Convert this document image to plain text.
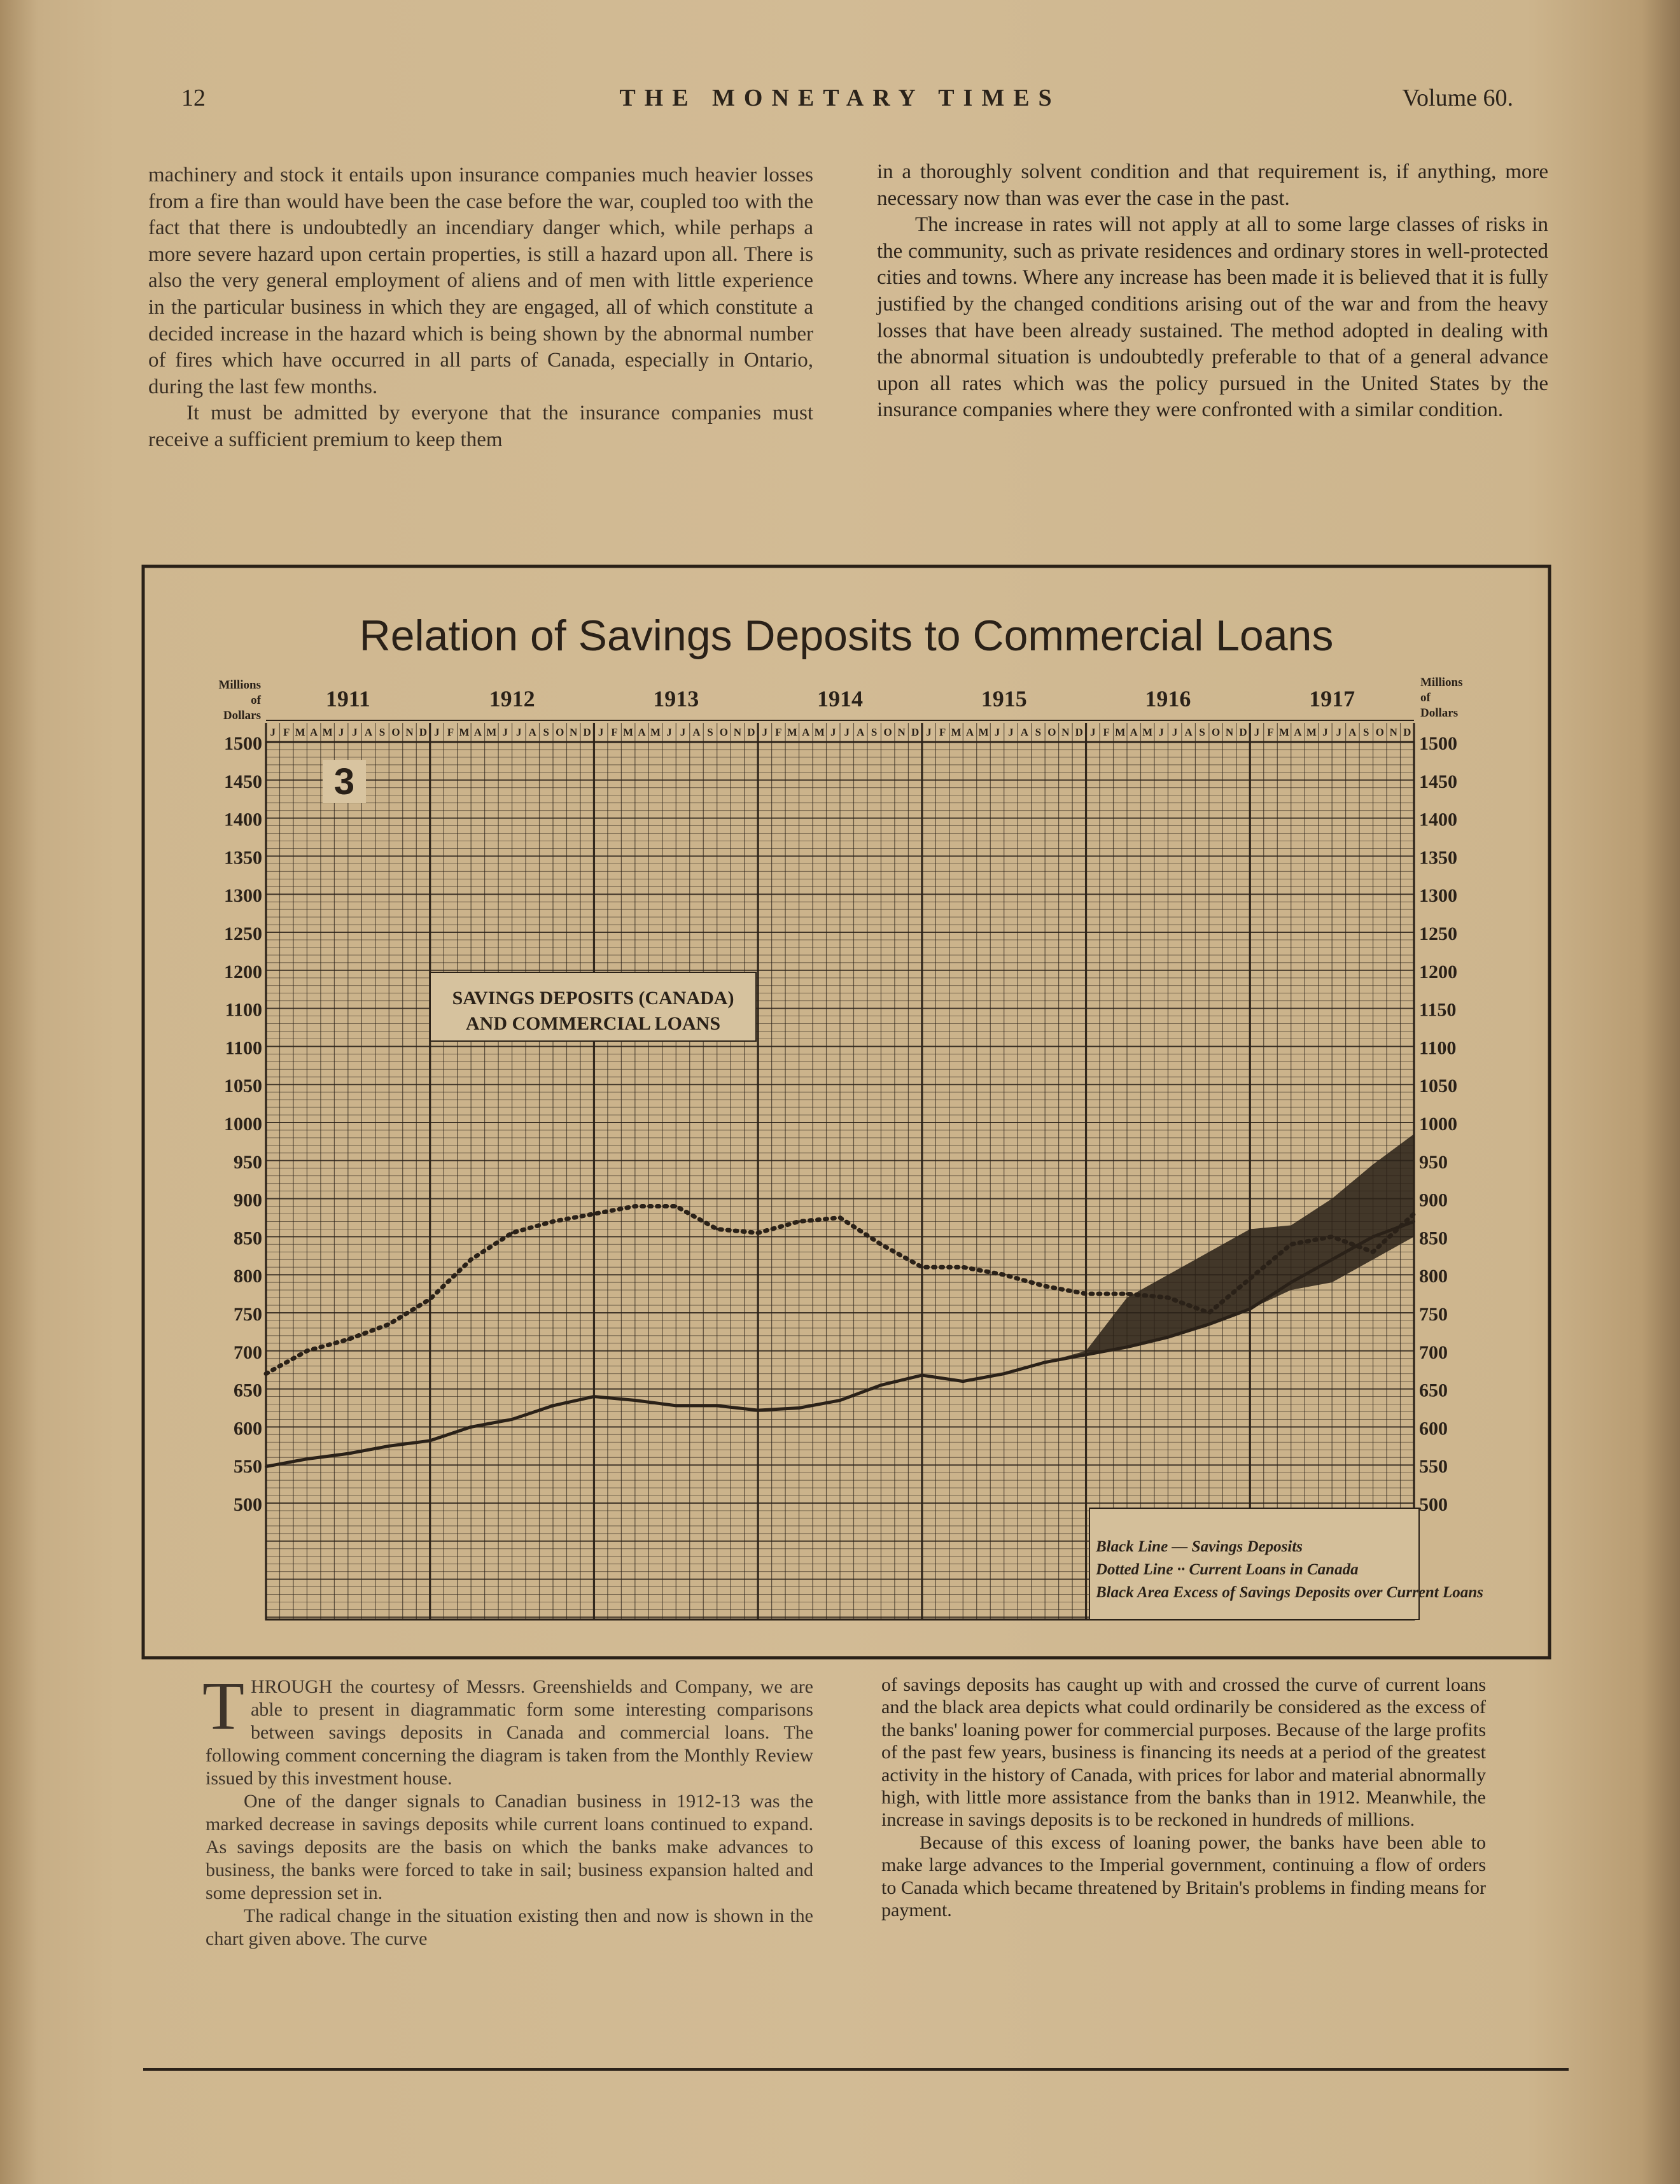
12	THE MONETARY TIMES	Volume 60.

machinery and stock it entails upon insurance companies much heavier losses from a fire than would have been the case before the war, coupled too with the fact that there is undoubtedly an incendiary danger which, while perhaps a more severe hazard upon certain properties, is still a hazard upon all. There is also the very general employment of aliens and of men with little experience in the particular business in which they are engaged, all of which constitute a decided increase in the hazard which is being shown by the abnormal number of fires which have occurred in all parts of Canada, especially in Ontario, during the last few months.

It must be admitted by everyone that the insurance companies must receive a sufficient premium to keep them

in a thoroughly solvent condition and that requirement is, if anything, more necessary now than was ever the case in the past.

The increase in rates will not apply at all to some large classes of risks in the community, such as private residences and ordinary stores in well-protected cities and towns. Where any increase has been made it is believed that it is fully justified by the changed conditions arising out of the war and from the heavy losses that have been already sustained. The method adopted in dealing with the abnormal situation is undoubtedly preferable to that of a general advance upon all rates which was the policy pursued in the United States by the insurance companies where they were confronted with a similar condition.

Relation of Savings Deposits to Commercial Loans
J F M A M J J A S O N D
1911
J F M A M J J A S O N D
1912
J F M A M J J A S O N D
1913
J F M A M J J A S O N D
1914
J F M A M J J A S O N D
1915
J F M A M J J A S O N D
1916
J F M A M J J A S O N D
1917
Millions	Millions
of	of
Dollars	Dollars
1500
1450
1400
1350
1300
1250
1200
1100
1100
1050
1000
950
900
850
800
750
700
650
600
550
500
1500
1450
1400
1350
1300
1250
1200
1150
1100
1050
1000
950
900
850
800
750
700
650
600
550
500
3
SAVINGS DEPOSITS (CANADA)
AND COMMERCIAL LOANS
Black Line — Savings Deposits
Dotted Line ·· Current Loans in Canada
Black Area Excess of Savings Deposits over Current Loans

THROUGH the courtesy of Messrs. Greenshields and Company, we are able to present in diagrammatic form some interesting comparisons between savings deposits in Canada and commercial loans. The following comment concerning the diagram is taken from the Monthly Review issued by this investment house.

One of the danger signals to Canadian business in 1912-13 was the marked decrease in savings deposits while current loans continued to expand. As savings deposits are the basis on which the banks make advances to business, the banks were forced to take in sail; business expansion halted and some depression set in.

The radical change in the situation existing then and now is shown in the chart given above. The curve

of savings deposits has caught up with and crossed the curve of current loans and the black area depicts what could ordinarily be considered as the excess of the banks' loaning power for commercial purposes. Because of the large profits of the past few years, business is financing its needs at a period of the greatest activity in the history of Canada, with prices for labor and material abnormally high, with little more assistance from the banks than in 1912. Meanwhile, the increase in savings deposits is to be reckoned in hundreds of millions.

Because of this excess of loaning power, the banks have been able to make large advances to the Imperial government, continuing a flow of orders to Canada which became threatened by Britain's problems in finding means for payment.
